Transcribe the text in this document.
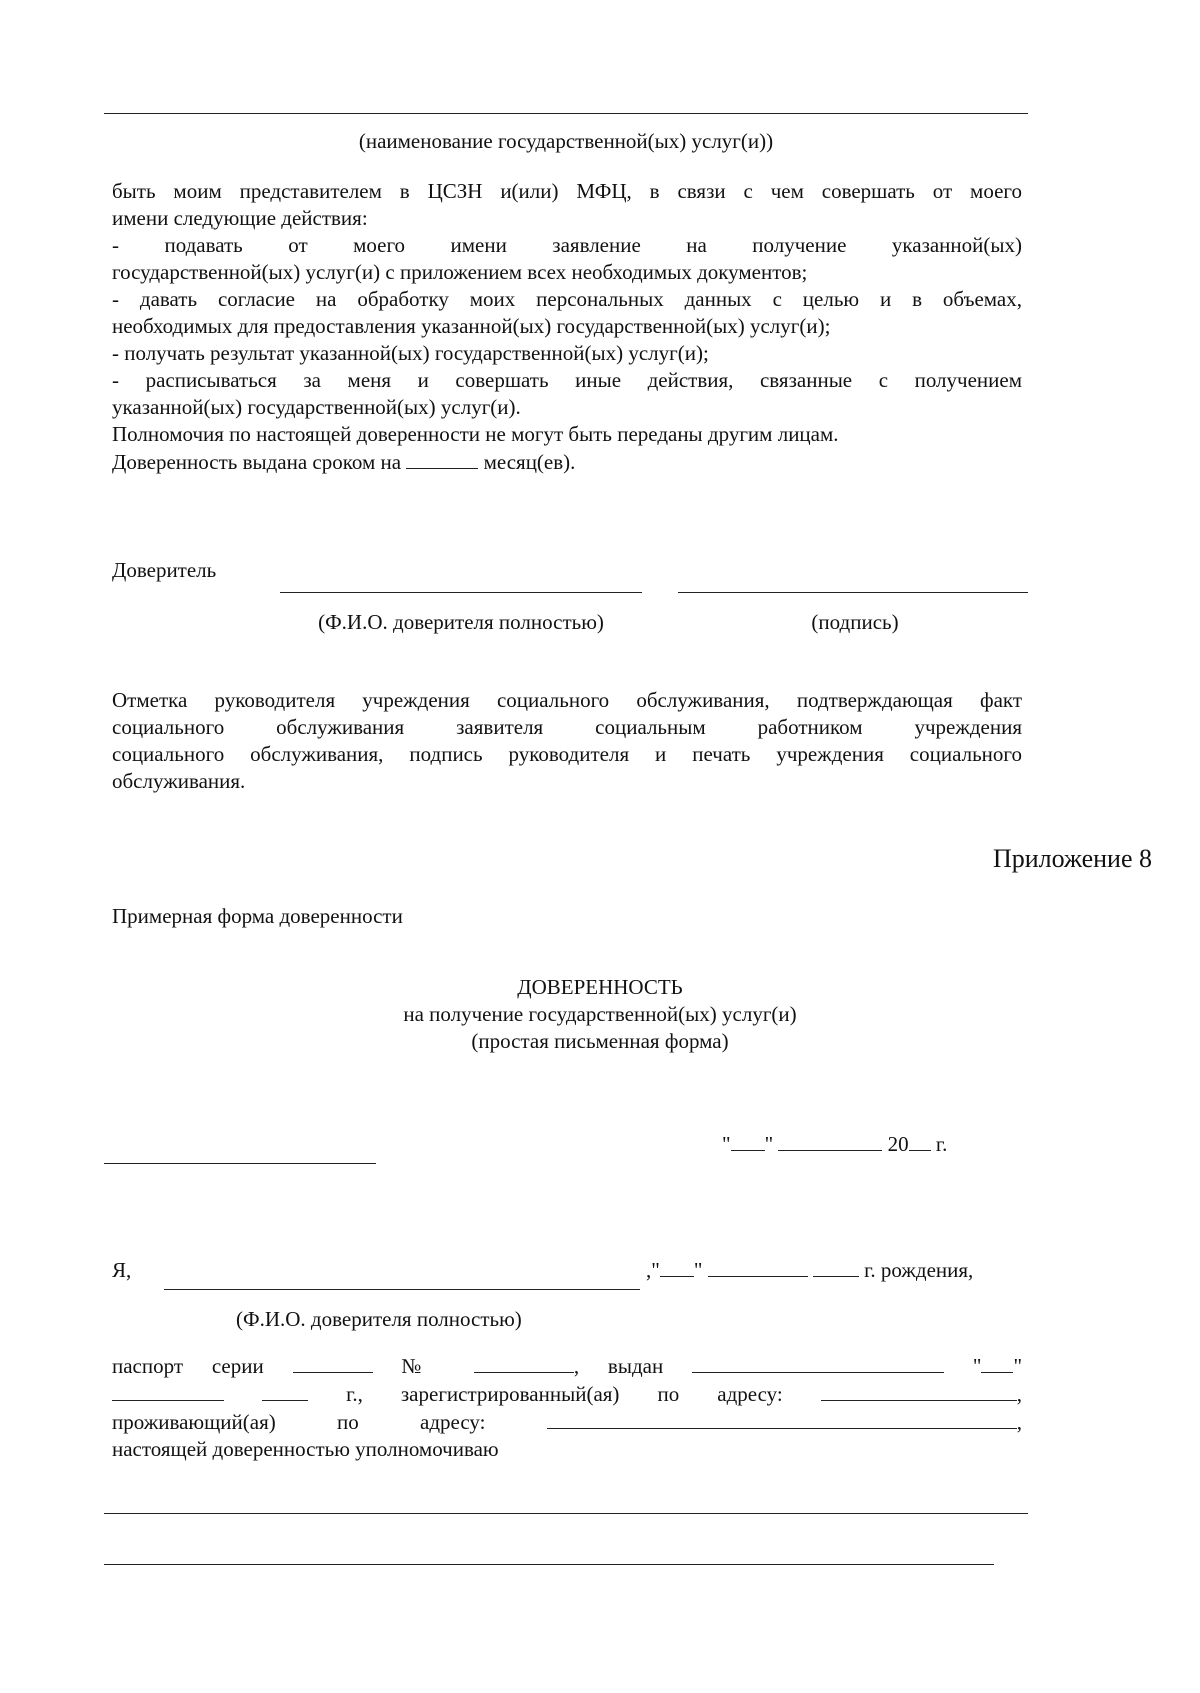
(наименование государственной(ых) услуг(и))

быть моим представителем в ЦСЗН и(или) МФЦ, в связи с чем совершать от моего

имени следующие действия:

- подавать от моего имени заявление на получение указанной(ых)

государственной(ых) услуг(и) с приложением всех необходимых документов;

- давать согласие на обработку моих персональных данных с целью и в объемах,

необходимых для предоставления указанной(ых) государственной(ых) услуг(и);

- получать результат указанной(ых) государственной(ых) услуг(и);

- расписываться за меня и совершать иные действия, связанные с получением

указанной(ых) государственной(ых) услуг(и).

Полномочия по настоящей доверенности не могут быть переданы другим лицам.

Доверенность выдана сроком на	месяц(ев).

Доверитель
(Ф.И.О. доверителя полностью)	(подпись)

Отметка руководителя учреждения социального обслуживания, подтверждающая факт

социального обслуживания заявителя социальным работником учреждения

социального обслуживания, подпись руководителя и печать учреждения социального

обслуживания.

Приложение 8
Примерная форма доверенности
ДОВЕРЕННОСТЬ
на получение государственной(ых) услуг(и)
(простая письменная форма)
" "	20 г.
Я,	," "	г. рождения,
(Ф.И.О. доверителя полностью)

паспорт серии	№	, выдан	" "

г., зарегистрированный(ая) по адресу:	,

проживающий(ая) по адресу:	,

настоящей доверенностью уполномочиваю
